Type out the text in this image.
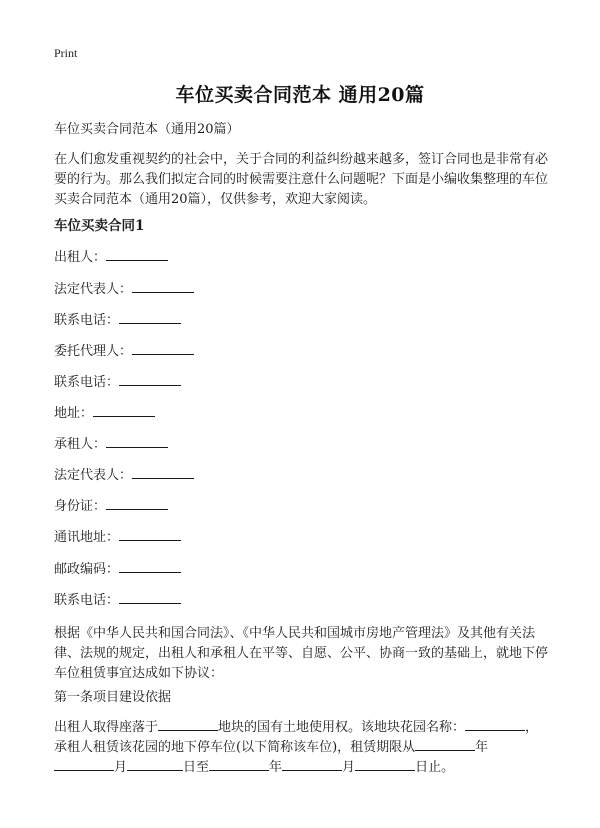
Print
车位买卖合同范本 通用20篇
车位买卖合同范本（通用20篇）
在人们愈发重视契约的社会中，关于合同的利益纠纷越来越多，签订合同也是非常有必要的行为。那么我们拟定合同的时候需要注意什么问题呢？下面是小编收集整理的车位买卖合同范本（通用20篇），仅供参考，欢迎大家阅读。
车位买卖合同1
出租人：
法定代表人：
联系电话：
委托代理人：
联系电话：
地址：
承租人：
法定代表人：
身份证：
通讯地址：
邮政编码：
联系电话：
根据《中华人民共和国合同法》、《中华人民共和国城市房地产管理法》及其他有关法律、法规的规定，出租人和承租人在平等、自愿、公平、协商一致的基础上，就地下停车位租赁事宜达成如下协议：
第一条项目建设依据
出租人取得座落于	地块的国有土地使用权。该地块花园名称：	，承租人租赁该花园的地下停车位(以下简称该车位)，租赁期限从	年
月	日至	年	月	日止。
